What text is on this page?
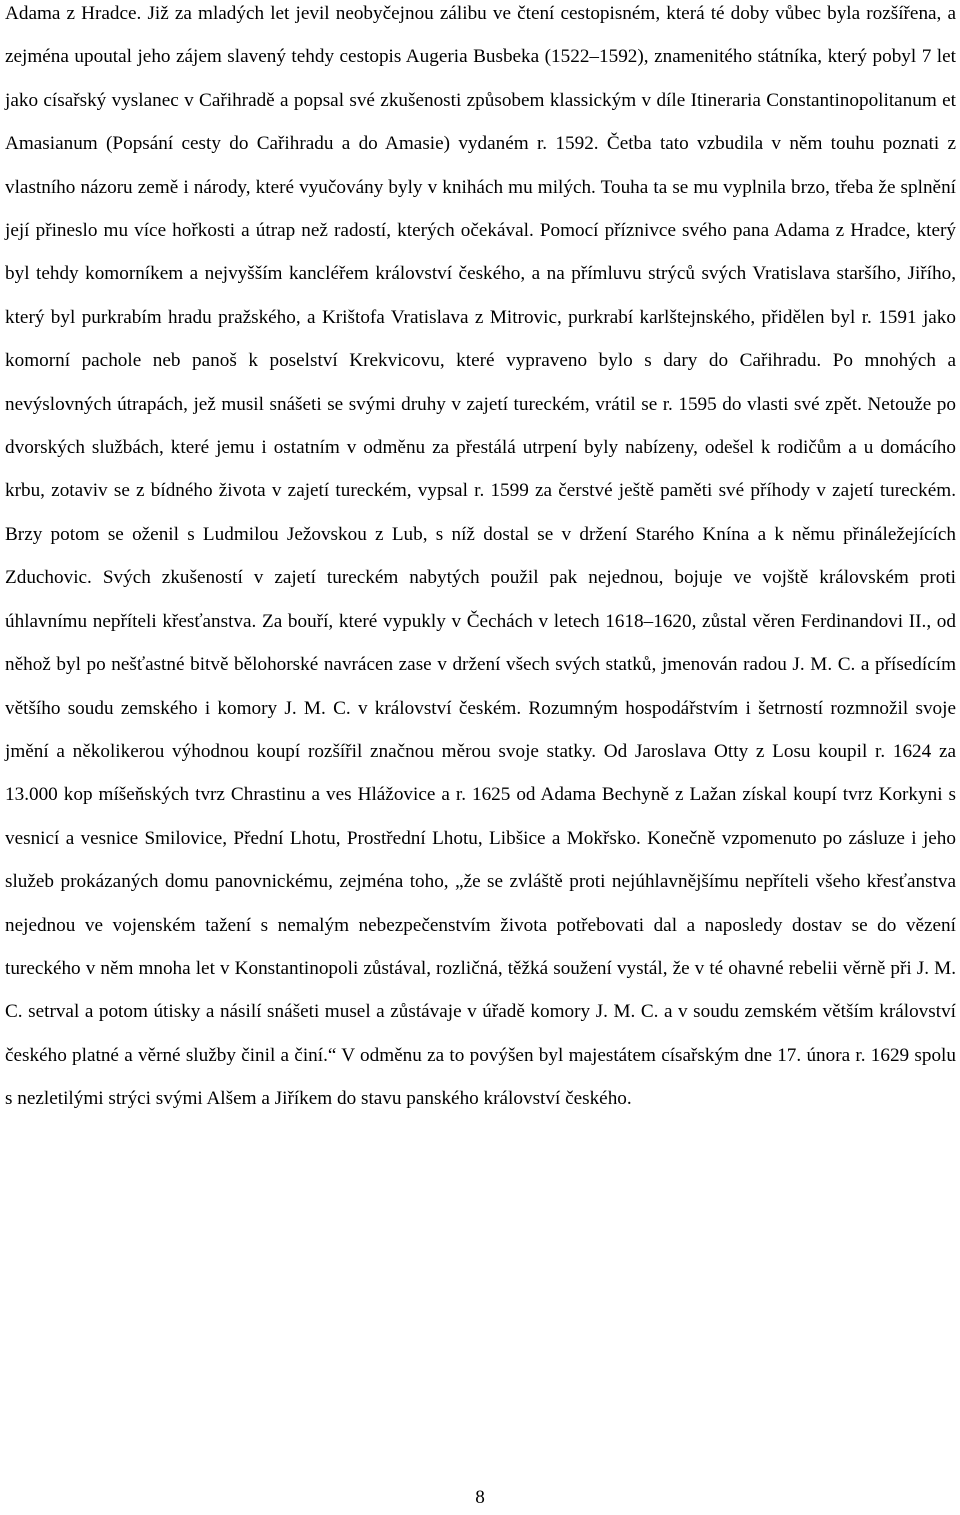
Adama z Hradce. Již za mladých let jevil neobyčejnou zálibu ve čtení cestopisném, která té doby vůbec byla rozšířena, a zejména upoutal jeho zájem slavený tehdy cestopis Augeria Busbeka (1522–1592), znamenitého státníka, který pobyl 7 let jako císařský vyslanec v Cařihradě a popsal své zkušenosti způsobem klassickým v díle Itineraria Constantinopolitanum et Amasianum (Popsání cesty do Cařihradu a do Amasie) vydaném r. 1592. Četba tato vzbudila v něm touhu poznati z vlastního názoru země i národy, které vyučovány byly v knihách mu milých. Touha ta se mu vyplnila brzo, třeba že splnění její přineslo mu více hořkosti a útrap než radostí, kterých očekával. Pomocí příznivce svého pana Adama z Hradce, který byl tehdy komorníkem a nejvyšším kancléřem království českého, a na přímluvu strýců svých Vratislava staršího, Jiřího, který byl purkrabím hradu pražského, a Krištofa Vratislava z Mitrovic, purkrabí karlštejnského, přidělen byl r. 1591 jako komorní pachole neb panoš k poselství Krekvicovu, které vypraveno bylo s dary do Cařihradu. Po mnohých a nevýslovných útrapách, jež musil snášeti se svými druhy v zajetí tureckém, vrátil se r. 1595 do vlasti své zpět. Netouže po dvorských službách, které jemu i ostatním v odměnu za přestálá utrpení byly nabízeny, odešel k rodičům a u domácího krbu, zotaviv se z bídného života v zajetí tureckém, vypsal r. 1599 za čerstvé ještě paměti své příhody v zajetí tureckém. Brzy potom se oženil s Ludmilou Ježovskou z Lub, s níž dostal se v držení Starého Knína a k němu přináležejících Zduchovic. Svých zkušeností v zajetí tureckém nabytých použil pak nejednou, bojuje ve vojště královském proti úhlavnímu nepříteli křesťanstva. Za bouří, které vypukly v Čechách v letech 1618–1620, zůstal věren Ferdinandovi II., od něhož byl po nešťastné bitvě bělohorské navrácen zase v držení všech svých statků, jmenován radou J. M. C. a přísedícím většího soudu zemského i komory J. M. C. v království českém. Rozumným hospodářstvím i šetrností rozmnožil svoje jmění a několikerou výhodnou koupí rozšířil značnou měrou svoje statky. Od Jaroslava Otty z Losu koupil r. 1624 za 13.000 kop míšeňských tvrz Chrastinu a ves Hlážovice a r. 1625 od Adama Bechyně z Lažan získal koupí tvrz Korkyni s vesnicí a vesnice Smilovice, Přední Lhotu, Prostřední Lhotu, Libšice a Mokřsko. Konečně vzpomenuto po zásluze i jeho služeb prokázaných domu panovnickému, zejména toho, „že se zvláště proti nejúhlavnějšímu nepříteli všeho křesťanstva nejednou ve vojenském tažení s nemalým nebezpečenstvím života potřebovati dal a naposledy dostav se do vězení tureckého v něm mnoha let v Konstantinopoli zůstával, rozličná, těžká soužení vystál, že v té ohavné rebelii věrně při J. M. C. setrval a potom útisky a násilí snášeti musel a zůstávaje v úřadě komory J. M. C. a v soudu zemském větším království českého platné a věrné služby činil a činí.“ V odměnu za to povýšen byl majestátem císařským dne 17. února r. 1629 spolu s nezletilými strýci svými Alšem a Jiříkem do stavu panského království českého.

8
